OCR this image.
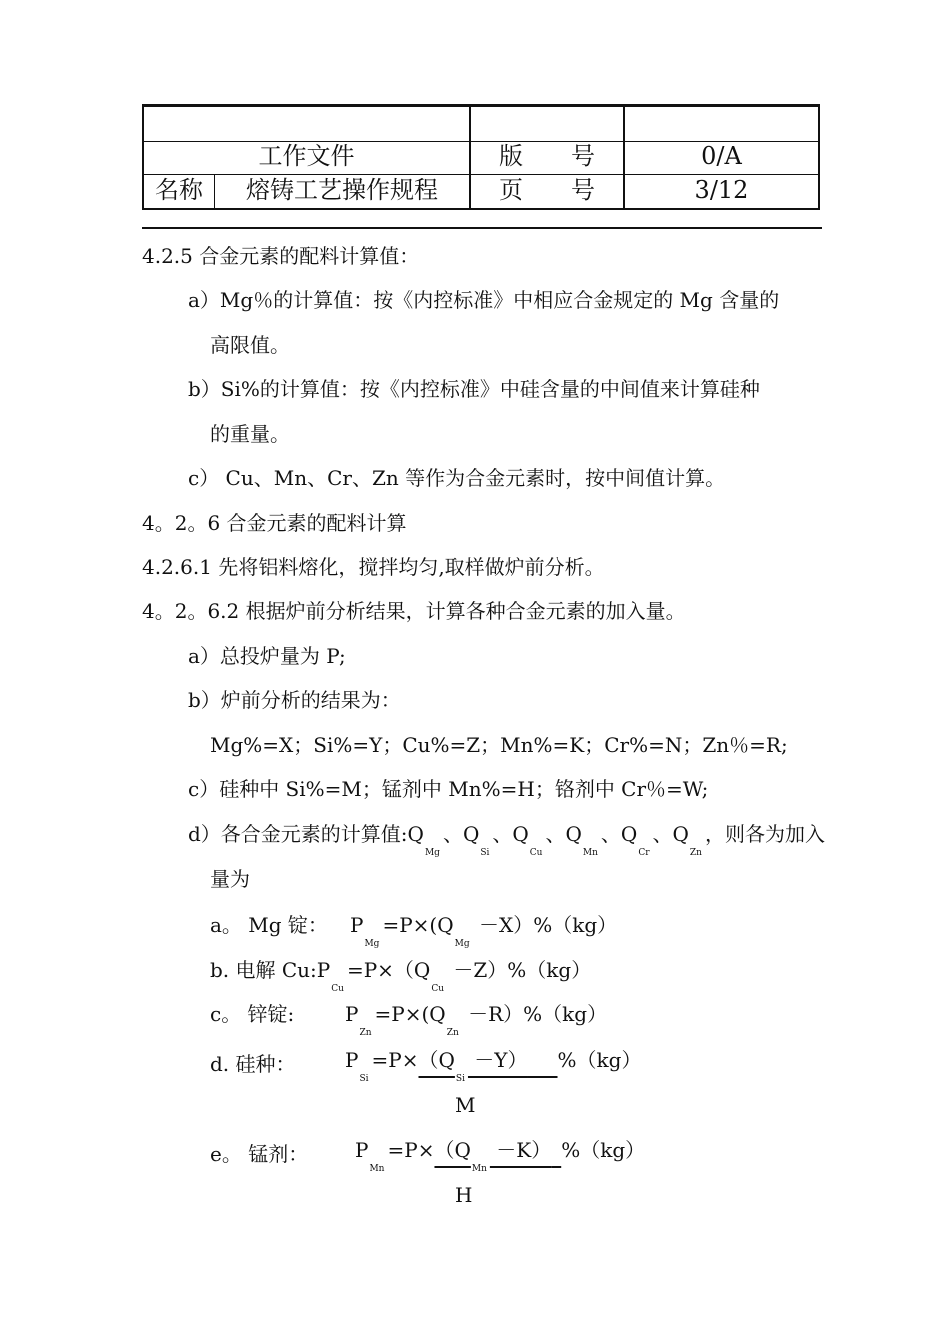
工作文件	版　　号	0/A
名称	熔铸工艺操作规程	页　　号	3/12
4.2.5 合金元素的配料计算值：
a）Mg％的计算值：按《内控标准》中相应合金规定的 Mg 含量的
高限值。
b）Si%的计算值：按《内控标准》中硅含量的中间值来计算硅种
的重量。
c） Cu、Mn、Cr、Zn 等作为合金元素时，按中间值计算。
4。2。6 合金元素的配料计算
4.2.6.1 先将铝料熔化，搅拌均匀,取样做炉前分析。
4。2。6.2 根据炉前分析结果，计算各种合金元素的加入量。
a）总投炉量为 P;
b）炉前分析的结果为：
Mg%=X；Si%=Y；Cu%=Z；Mn%=K；Cr%=N；Zn％=R;
c）硅种中 Si%=M；锰剂中 Mn%=H；铬剂中 Cr％=W;
d）各合金元素的计算值:QMg、QSi、QCu、QMn、QCr、QZn，则各为加入
量为
a。 Mg 锭： PMg=P×(QMg －X）%（kg）
b. 电解 Cu:PCu=P×（QCu －Z）%（kg）
c。 锌锭:	PZn=P×(QZn －R）%（kg）
d. 硅种： PSi=P×（QSi －Y）   %（kg）
M
e。 锰剂： PMn=P×（QMn －K）  %（kg）
H
